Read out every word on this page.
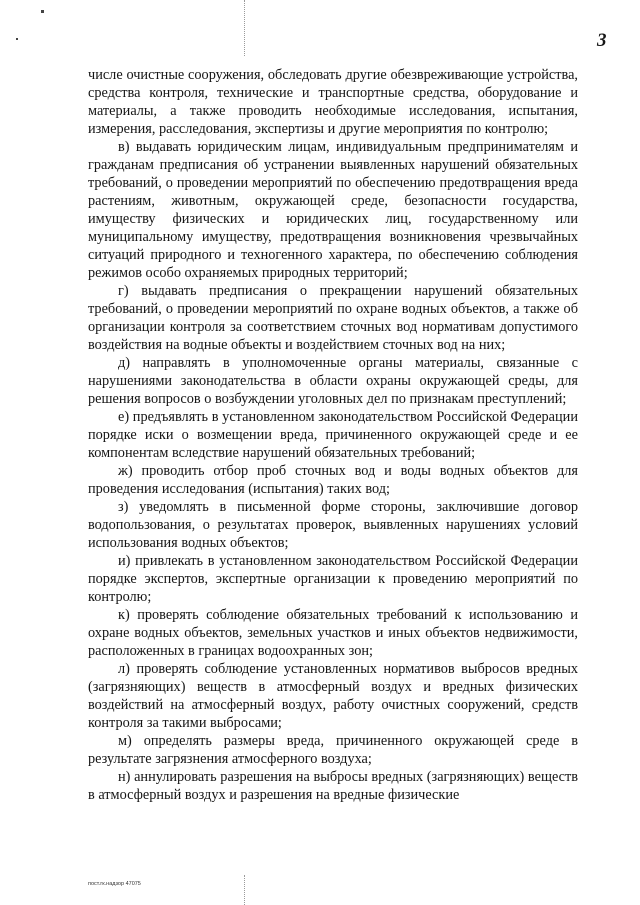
3

числе очистные сооружения, обследовать другие обезвреживающие устройства, средства контроля, технические и транспортные средства, оборудование и материалы, а также проводить необходимые исследования, испытания, измерения, расследования, экспертизы и другие мероприятия по контролю;

в) выдавать юридическим лицам, индивидуальным предпринимателям и гражданам предписания об устранении выявленных нарушений обязательных требований, о проведении мероприятий по обеспечению предотвращения вреда растениям, животным, окружающей среде, безопасности государства, имуществу физических и юридических лиц, государственному или муниципальному имуществу, предотвращения возникновения чрезвычайных ситуаций природного и техногенного характера, по обеспечению соблюдения режимов особо охраняемых природных территорий;

г) выдавать предписания о прекращении нарушений обязательных требований, о проведении мероприятий по охране водных объектов, а также об организации контроля за соответствием сточных вод нормативам допустимого воздействия на водные объекты и воздействием сточных вод на них;

д) направлять в уполномоченные органы материалы, связанные с нарушениями законодательства в области охраны окружающей среды, для решения вопросов о возбуждении уголовных дел по признакам преступлений;

е) предъявлять в установленном законодательством Российской Федерации порядке иски о возмещении вреда, причиненного окружающей среде и ее компонентам вследствие нарушений обязательных требований;

ж) проводить отбор проб сточных вод и воды водных объектов для проведения исследования (испытания) таких вод;

з) уведомлять в письменной форме стороны, заключившие договор водопользования, о результатах проверок, выявленных нарушениях условий использования водных объектов;

и) привлекать в установленном законодательством Российской Федерации порядке экспертов, экспертные организации к проведению мероприятий по контролю;

к) проверять соблюдение обязательных требований к использованию и охране водных объектов, земельных участков и иных объектов недвижимости, расположенных в границах водоохранных зон;

л) проверять соблюдение установленных нормативов выбросов вредных (загрязняющих) веществ в атмосферный воздух и вредных физических воздействий на атмосферный воздух, работу очистных сооружений, средств контроля за такими выбросами;

м) определять размеры вреда, причиненного окружающей среде в результате загрязнения атмосферного воздуха;

н) аннулировать разрешения на выбросы вредных (загрязняющих) веществ в атмосферный воздух и разрешения на вредные физические

пост.гк.надзор 47075
